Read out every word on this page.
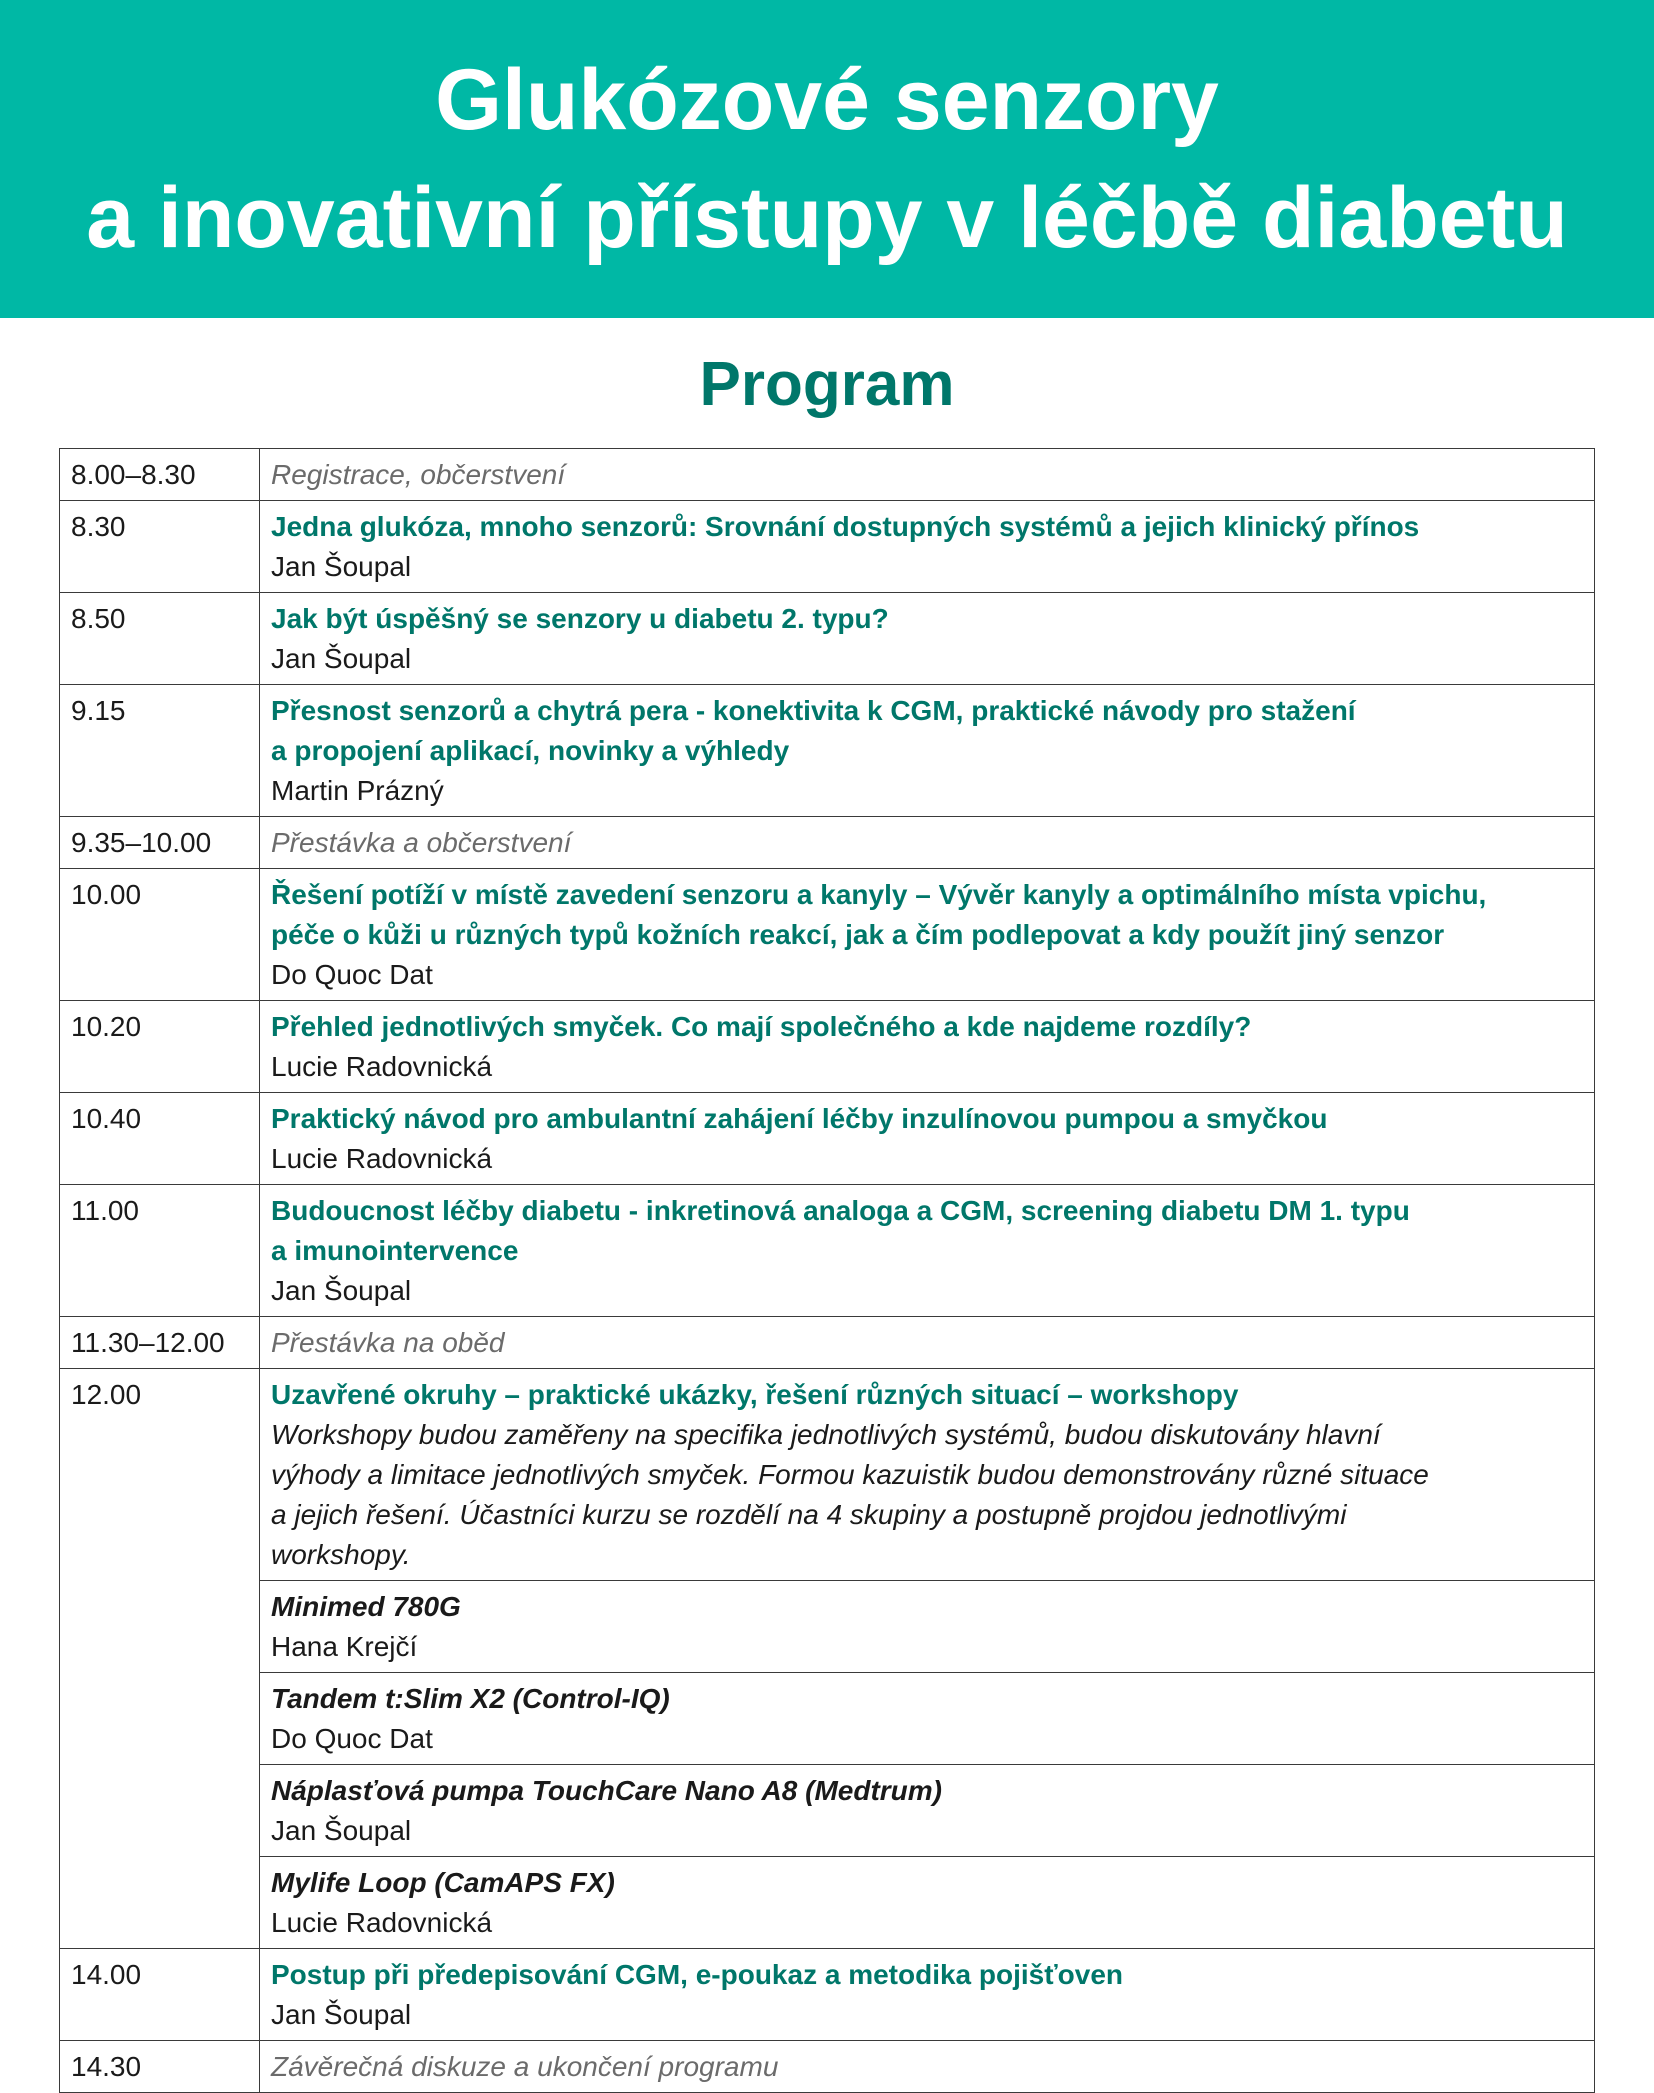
Glukózové senzory
a inovativní přístupy v léčbě diabetu
Program
8.00–8.30	Registrace, občerstvení

8.30	Jedna glukóza, mnoho senzorů: Srovnání dostupných systémů a jejich klinický přínos
Jan Šoupal

8.50	Jak být úspěšný se senzory u diabetu 2. typu?
Jan Šoupal

9.15	Přesnost senzorů a chytrá pera - konektivita k CGM, praktické návody pro stažení
a propojení aplikací, novinky a výhledy
Martin Prázný

9.35–10.00	Přestávka a občerstvení

10.00	Řešení potíží v místě zavedení senzoru a kanyly – Vývěr kanyly a optimálního místa vpichu,
péče o kůži u různých typů kožních reakcí, jak a čím podlepovat a kdy použít jiný senzor
Do Quoc Dat

10.20	Přehled jednotlivých smyček. Co mají společného a kde najdeme rozdíly?
Lucie Radovnická

10.40	Praktický návod pro ambulantní zahájení léčby inzulínovou pumpou a smyčkou
Lucie Radovnická

11.00	Budoucnost léčby diabetu - inkretinová analoga a CGM, screening diabetu DM 1. typu
a imunointervence
Jan Šoupal

11.30–12.00	Přestávka na oběd

12.00	Uzavřené okruhy – praktické ukázky, řešení různých situací – workshopy
Workshopy budou zaměřeny na specifika jednotlivých systémů, budou diskutovány hlavní
výhody a limitace jednotlivých smyček. Formou kazuistik budou demonstrovány různé situace
a jejich řešení. Účastníci kurzu se rozdělí na 4 skupiny a postupně projdou jednotlivými
workshopy.

	Minimed 780G
Hana Krejčí

	Tandem t:Slim X2 (Control-IQ)
Do Quoc Dat

	Náplasťová pumpa TouchCare Nano A8 (Medtrum)
Jan Šoupal

	Mylife Loop (CamAPS FX)
Lucie Radovnická

14.00	Postup při předepisování CGM, e-poukaz a metodika pojišťoven
Jan Šoupal

14.30	Závěrečná diskuze a ukončení programu
